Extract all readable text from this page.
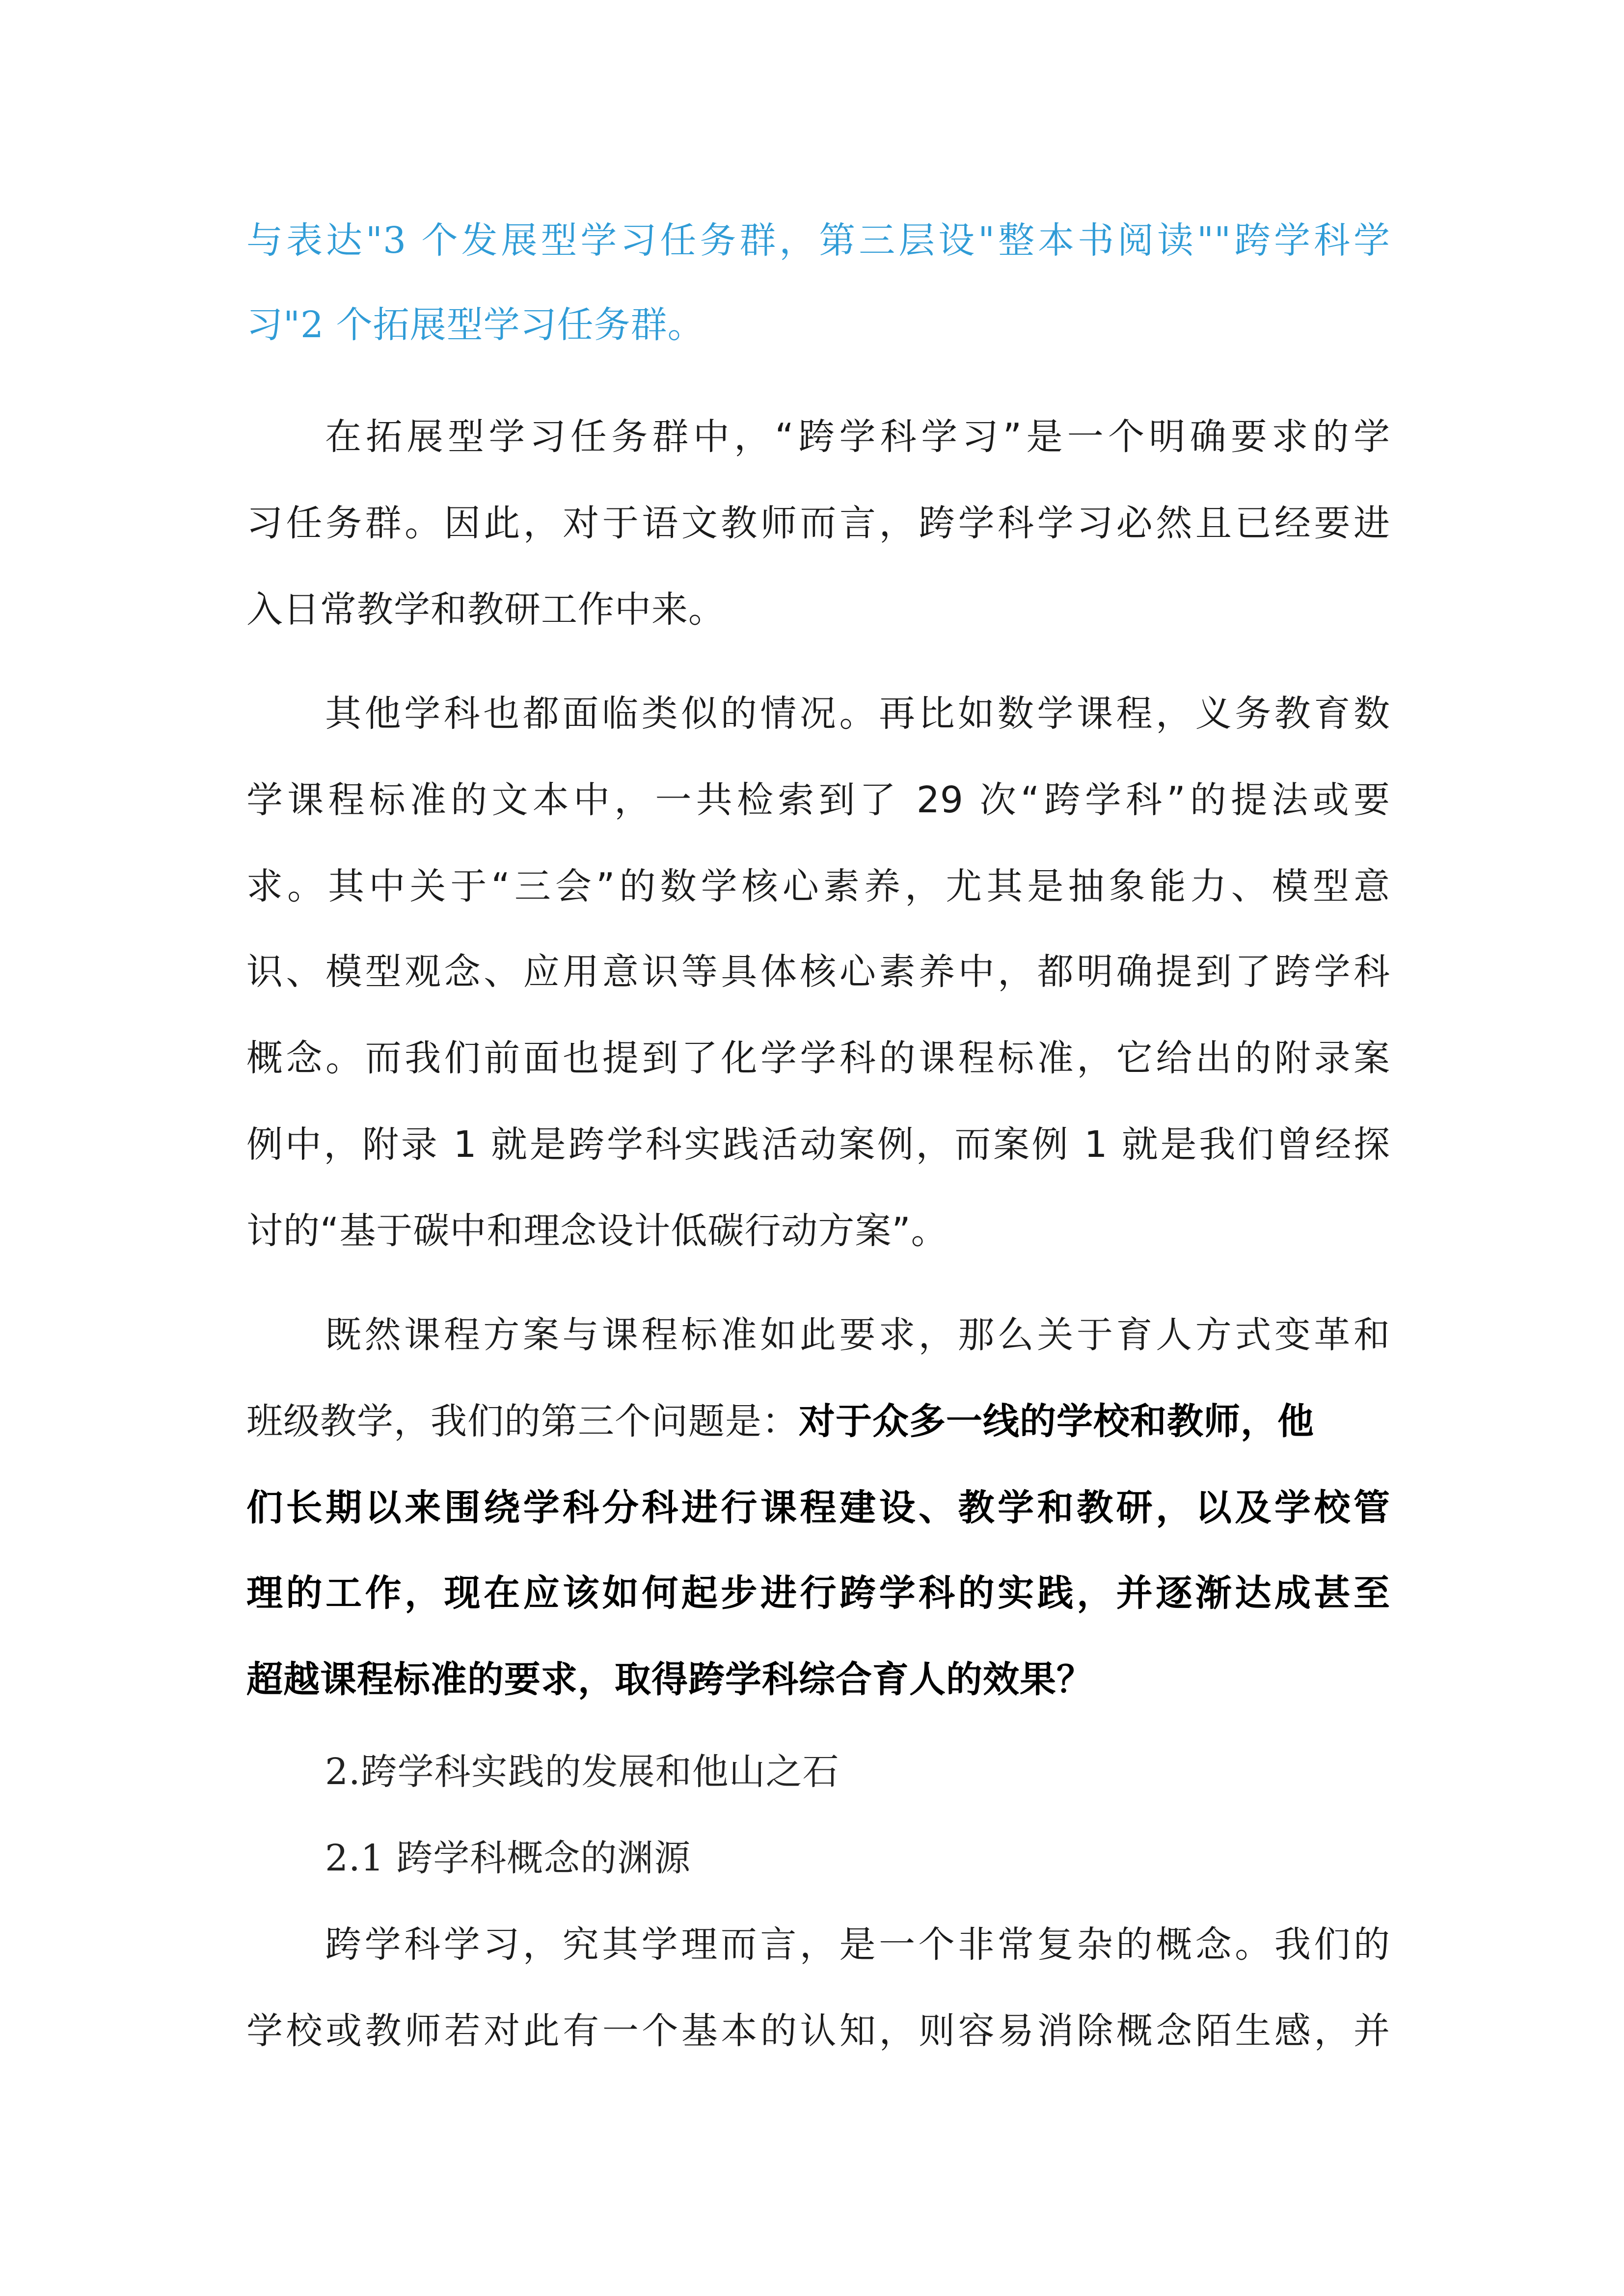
与表达"3 个发展型学习任务群，第三层设"整本书阅读""跨学科学
习"2 个拓展型学习任务群。
在拓展型学习任务群中，“跨学科学习”是一个明确要求的学
习任务群。因此，对于语文教师而言，跨学科学习必然且已经要进
入日常教学和教研工作中来。
其他学科也都面临类似的情况。再比如数学课程，义务教育数
学课程标准的文本中，一共检索到了 29 次“跨学科”的提法或要
求。其中关于“三会”的数学核心素养，尤其是抽象能力、模型意
识、模型观念、应用意识等具体核心素养中，都明确提到了跨学科
概念。而我们前面也提到了化学学科的课程标准，它给出的附录案
例中，附录 1 就是跨学科实践活动案例，而案例 1 就是我们曾经探
讨的“基于碳中和理念设计低碳行动方案”。
既然课程方案与课程标准如此要求，那么关于育人方式变革和
班级教学，我们的第三个问题是：对于众多一线的学校和教师，他
们长期以来围绕学科分科进行课程建设、教学和教研，以及学校管
理的工作，现在应该如何起步进行跨学科的实践，并逐渐达成甚至
超越课程标准的要求，取得跨学科综合育人的效果？
2.跨学科实践的发展和他山之石
2.1 跨学科概念的渊源
跨学科学习，究其学理而言，是一个非常复杂的概念。我们的
学校或教师若对此有一个基本的认知，则容易消除概念陌生感，并
